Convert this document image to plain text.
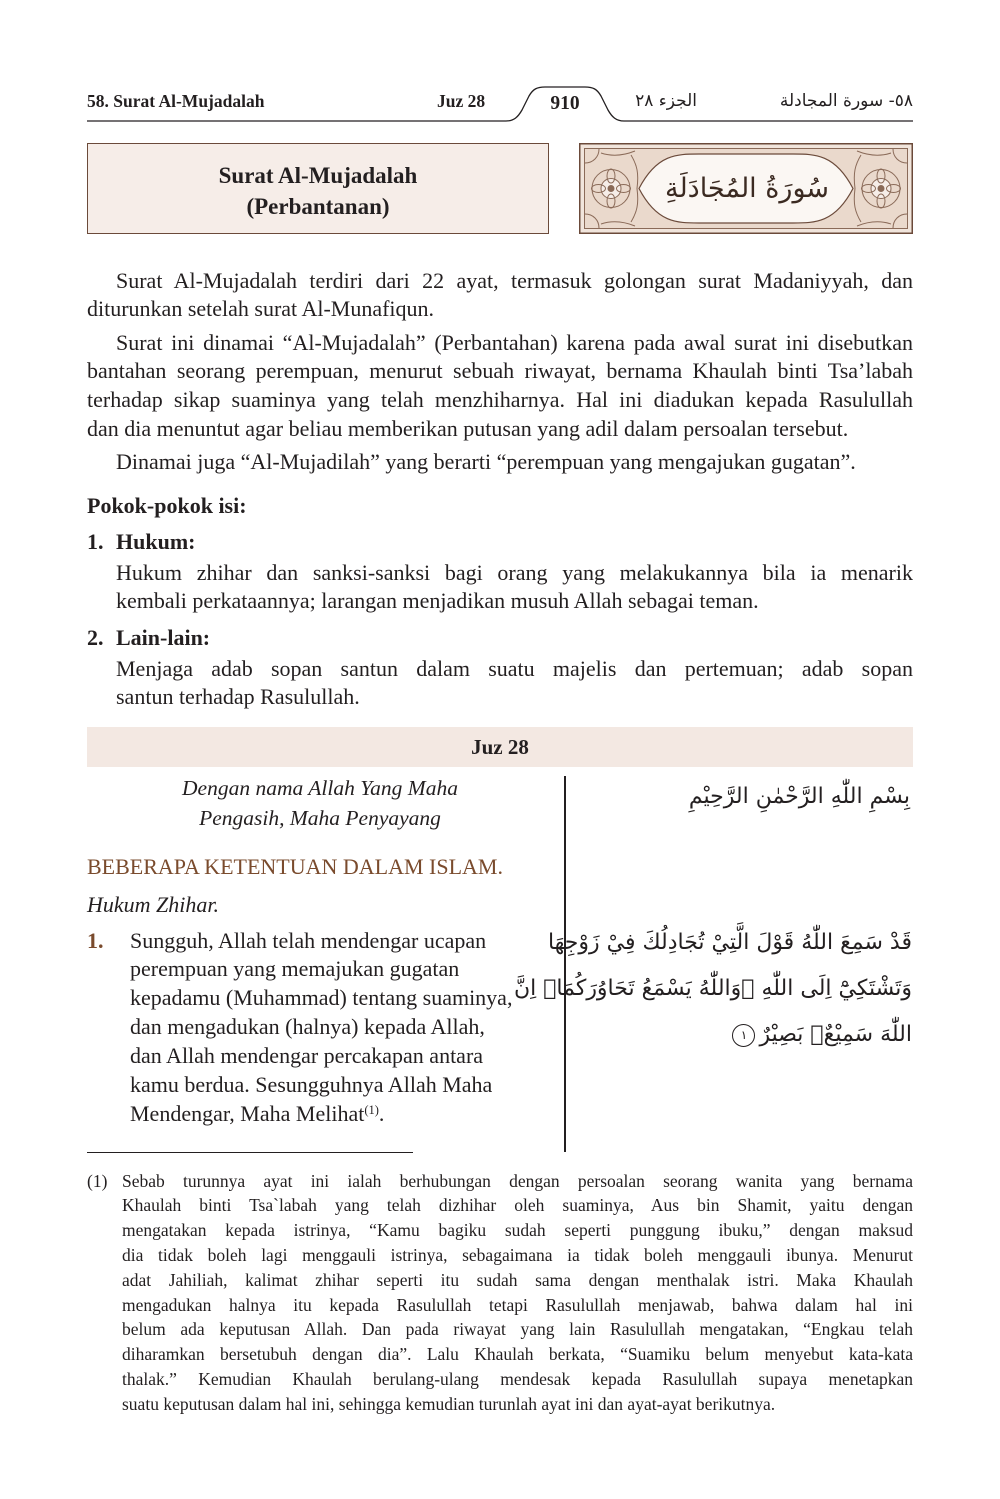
58. Surat Al-Mujadalah	Juz 28	910	الجزء ٢٨	٥٨- سورة المجادلة
Surat Al-Mujadalah
(Perbantanan)
سُورَةُ المُجَادَلَةِ
Surat Al-Mujadalah terdiri dari 22 ayat, termasuk golongan surat Madaniyyah, dan
diturunkan setelah surat Al-Munafiqun.
Surat ini dinamai “Al-Mujadalah” (Perbantahan) karena pada awal surat ini disebutkan
bantahan seorang perempuan, menurut sebuah riwayat, bernama Khaulah binti Tsa’labah
terhadap sikap suaminya yang telah menzhiharnya. Hal ini diadukan kepada Rasulullah
dan dia menuntut agar beliau memberikan putusan yang adil dalam persoalan tersebut.
Dinamai juga “Al-Mujadilah” yang berarti “perempuan yang mengajukan gugatan”.
Pokok-pokok isi:
1. Hukum:
Hukum zhihar dan sanksi-sanksi bagi orang yang melakukannya bila ia menarik
kembali perkataannya; larangan menjadikan musuh Allah sebagai teman.
2. Lain-lain:
Menjaga adab sopan santun dalam suatu majelis dan pertemuan; adab sopan
santun terhadap Rasulullah.
Juz 28
Dengan nama Allah Yang Maha
Pengasih, Maha Penyayang
بِسْمِ اللّٰهِ الرَّحْمٰنِ الرَّحِيْمِ
BEBERAPA KETENTUAN DALAM ISLAM.
Hukum Zhihar.
1. Sungguh, Allah telah mendengar ucapan
perempuan yang memajukan gugatan
kepadamu (Muhammad) tentang suaminya,
dan mengadukan (halnya) kepada Allah,
dan Allah mendengar percakapan antara
kamu berdua. Sesungguhnya Allah Maha
Mendengar, Maha Melihat$^{(1)}$.
قَدْ سَمِعَ اللّٰهُ قَوْلَ الَّتِيْ تُجَادِلُكَ فِيْ زَوْجِهَا
وَتَشْتَكِيْٓ اِلَى اللّٰهِ ۖوَاللّٰهُ يَسْمَعُ تَحَاوُرَكُمَاۗ اِنَّ
اللّٰهَ سَمِيْعٌۢ بَصِيْرٌ١
(1) Sebab turunnya ayat ini ialah berhubungan dengan persoalan seorang wanita yang bernama
Khaulah binti Tsa`labah yang telah dizhihar oleh suaminya, Aus bin Shamit, yaitu dengan
mengatakan kepada istrinya, “Kamu bagiku sudah seperti punggung ibuku,” dengan maksud
dia tidak boleh lagi menggauli istrinya, sebagaimana ia tidak boleh menggauli ibunya. Menurut
adat Jahiliah, kalimat zhihar seperti itu sudah sama dengan menthalak istri. Maka Khaulah
mengadukan halnya itu kepada Rasulullah tetapi Rasulullah menjawab, bahwa dalam hal ini
belum ada keputusan Allah. Dan pada riwayat yang lain Rasulullah mengatakan, “Engkau telah
diharamkan bersetubuh dengan dia”. Lalu Khaulah berkata, “Suamiku belum menyebut kata-kata
thalak.” Kemudian Khaulah berulang-ulang mendesak kepada Rasulullah supaya menetapkan
suatu keputusan dalam hal ini, sehingga kemudian turunlah ayat ini dan ayat-ayat berikutnya.
